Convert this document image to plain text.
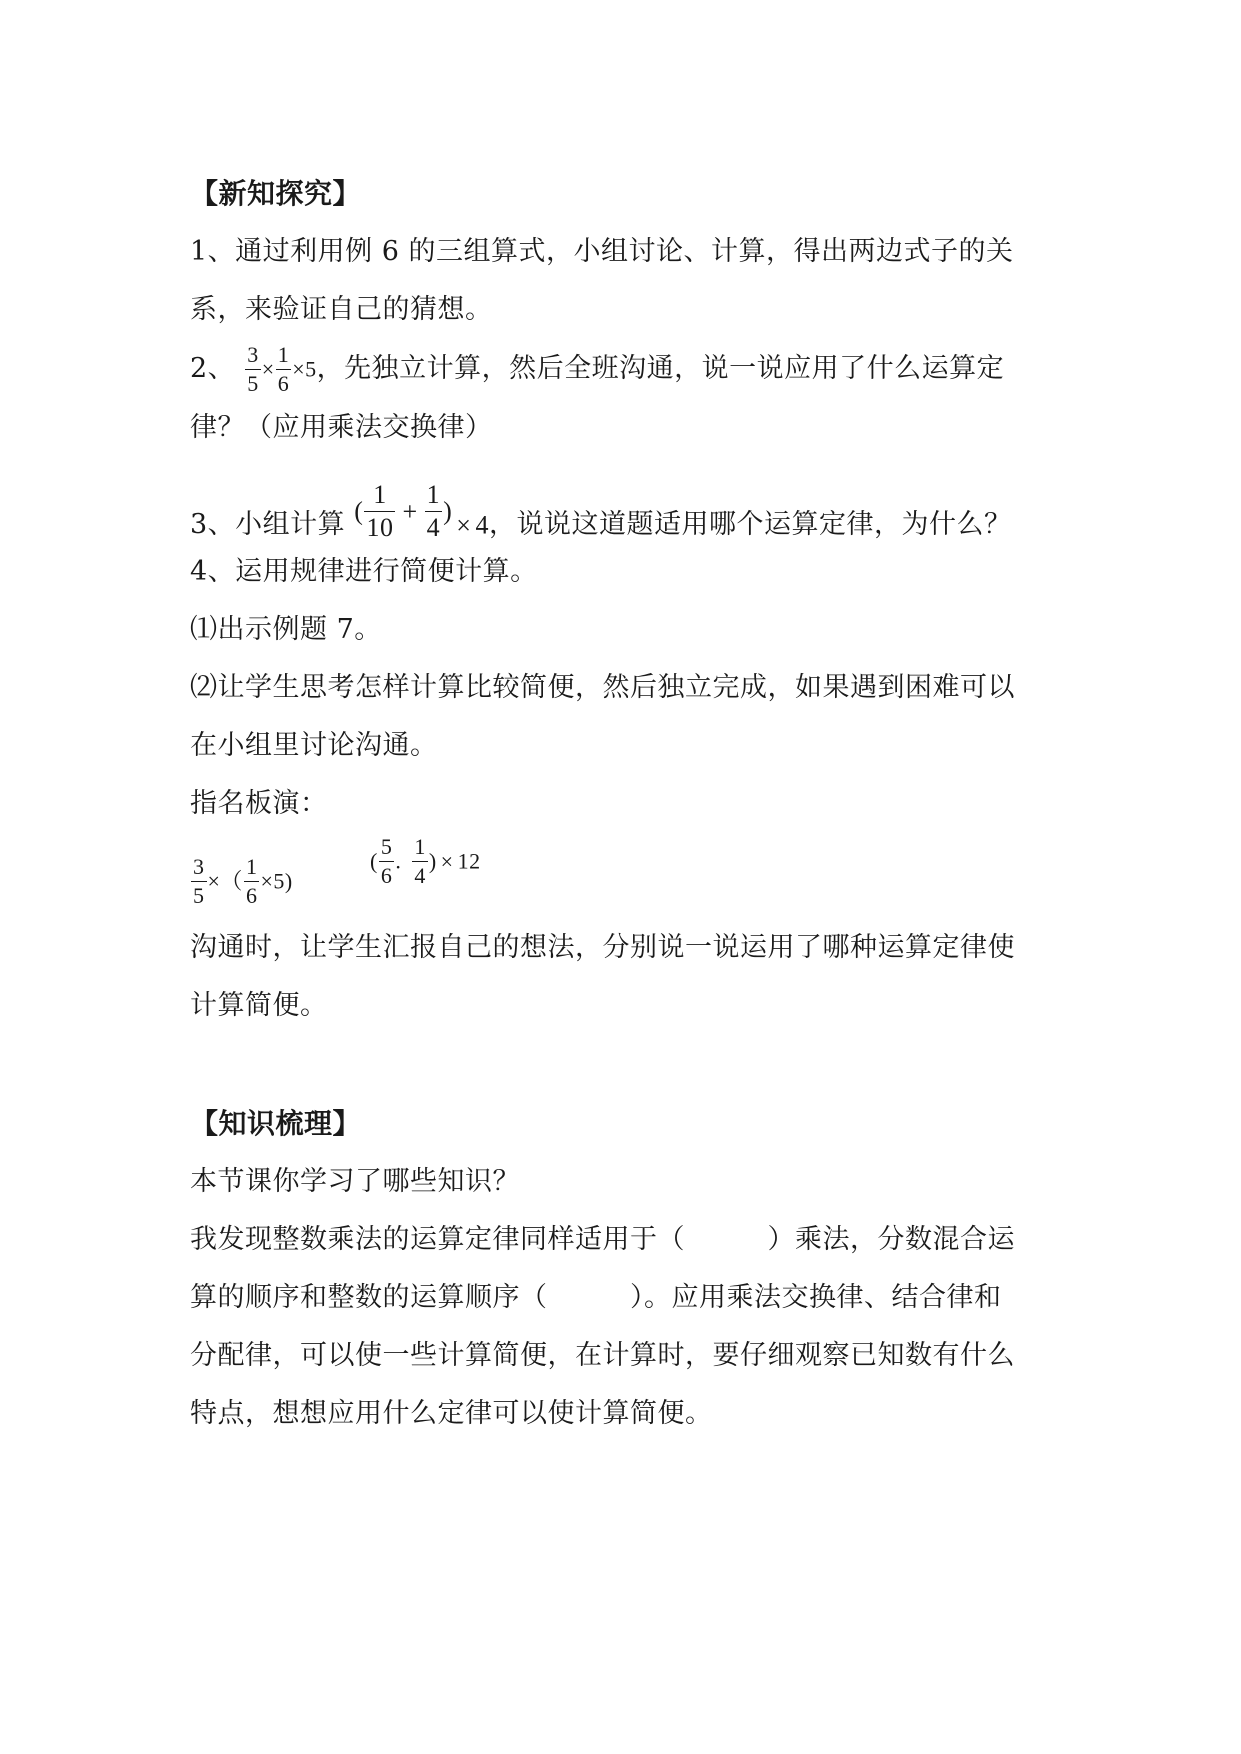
【新知探究】
1、通过利用例 6 的三组算式，小组讨论、计算，得出两边式子的关
系，来验证自己的猜想。
2、 $\frac{3}{5} \times \frac{1}{6} \times 5$，先独立计算，然后全班沟通，说一说应用了什么运算定
律？（应用乘法交换律）
3、小组计算 ( $\frac{1}{10} + \frac{1}{4}$ ) × 4，说说这道题适用哪个运算定律，为什么？
4、运用规律进行简便计算。
⑴出示例题 7。
⑵让学生思考怎样计算比较简便，然后独立完成，如果遇到困难可以
在小组里讨论沟通。
指名板演：
$\frac{3}{5}$ ×（ $\frac{1}{6} \times 5$)
( $\frac{5}{6}$ . $\frac{1}{4}$ ) × 12
沟通时，让学生汇报自己的想法，分别说一说运用了哪种运算定律使
计算简便。
【知识梳理】
本节课你学习了哪些知识？
我发现整数乘法的运算定律同样适用于（　　　）乘法，分数混合运
算的顺序和整数的运算顺序（　　　）。应用乘法交换律、结合律和
分配律，可以使一些计算简便，在计算时，要仔细观察已知数有什么
特点，想想应用什么定律可以使计算简便。
